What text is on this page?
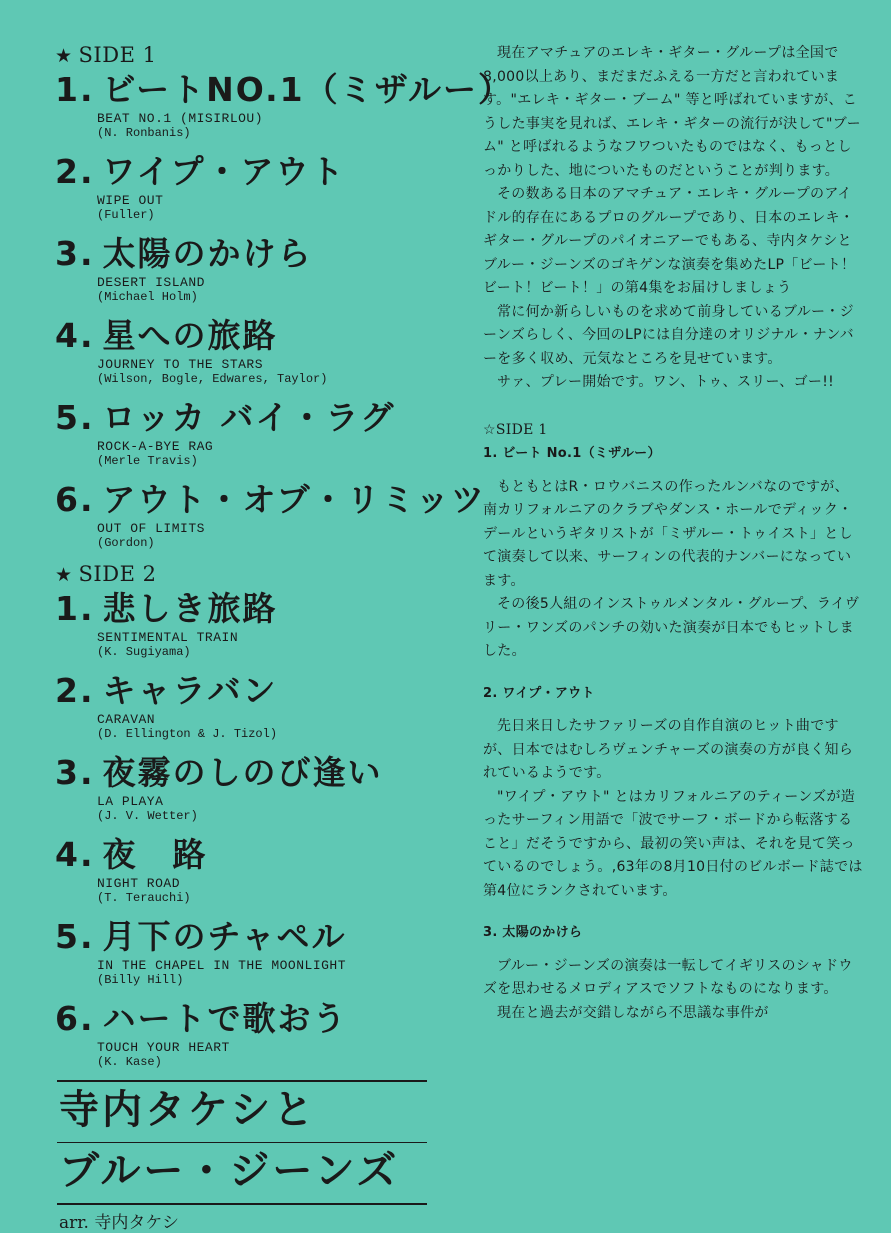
★ SIDE 1
1. ビートNO.1（ミザルー）
BEAT NO.1 (MISIRLOU)
(N. Ronbanis)
2. ワイプ・アウト
WIPE OUT
(Fuller)
3. 太陽のかけら
DESERT ISLAND
(Michael Holm)
4. 星への旅路
JOURNEY TO THE STARS
(Wilson, Bogle, Edwares, Taylor)
5. ロッカ バイ・ラグ
ROCK-A-BYE RAG
(Merle Travis)
6. アウト・オブ・リミッツ
OUT OF LIMITS
(Gordon)
★ SIDE 2
1. 悲しき旅路
SENTIMENTAL TRAIN
(K. Sugiyama)
2. キャラバン
CARAVAN
(D. Ellington & J. Tizol)
3. 夜霧のしのび逢い
LA PLAYA
(J. V. Wetter)
4. 夜　路
NIGHT ROAD
(T. Terauchi)
5. 月下のチャペル
IN THE CHAPEL IN THE MOONLIGHT
(Billy Hill)
6. ハートで歌おう
TOUCH YOUR HEART
(K. Kase)
寺内タケシと
ブルー・ジーンズ
arr. 寺内タケシ

現在アマチュアのエレキ・ギター・グループは全国で 8,000以上あり、まだまだふえる一方だと言われています。"エレキ・ギター・ブーム" 等と呼ばれていますが、こうした事実を見れば、エレキ・ギターの流行が決して"ブーム" と呼ばれるようなフワついたものではなく、もっとしっかりした、地についたものだということが判ります。

その数ある日本のアマチュア・エレキ・グループのアイドル的存在にあるプロのグループであり、日本のエレキ・ギター・グループのパイオニアーでもある、寺内タケシとブルー・ジーンズのゴキゲンな演奏を集めたLP「ビート！ビート！ビート！」の第4集をお届けしましょう

常に何か新らしいものを求めて前身しているブルー・ジーンズらしく、今回のLPには自分達のオリジナル・ナンバーを多く収め、元気なところを見せています。

サァ、プレー開始です。ワン、トゥ、スリー、ゴー!!

☆SIDE 1

1. ビート No.1（ミザルー）

もともとはR・ロウバニスの作ったルンバなのですが、南カリフォルニアのクラブやダンス・ホールでディック・デールというギタリストが「ミザルー・トゥイスト」として演奏して以来、サーフィンの代表的ナンバーになっています。

その後5人組のインストゥルメンタル・グループ、ライヴリー・ワンズのパンチの効いた演奏が日本でもヒットしました。

2. ワイプ・アウト

先日来日したサファリーズの自作自演のヒット曲ですが、日本ではむしろヴェンチャーズの演奏の方が良く知られているようです。

"ワイプ・アウト" とはカリフォルニアのティーンズが造ったサーフィン用語で「波でサーフ・ボードから転落すること」だそうですから、最初の笑い声は、それを見て笑っているのでしょう。,63年の8月10日付のビルボード誌では第4位にランクされています。

3. 太陽のかけら

ブルー・ジーンズの演奏は一転してイギリスのシャドウズを思わせるメロディアスでソフトなものになります。

現在と過去が交錯しながら不思議な事件が
